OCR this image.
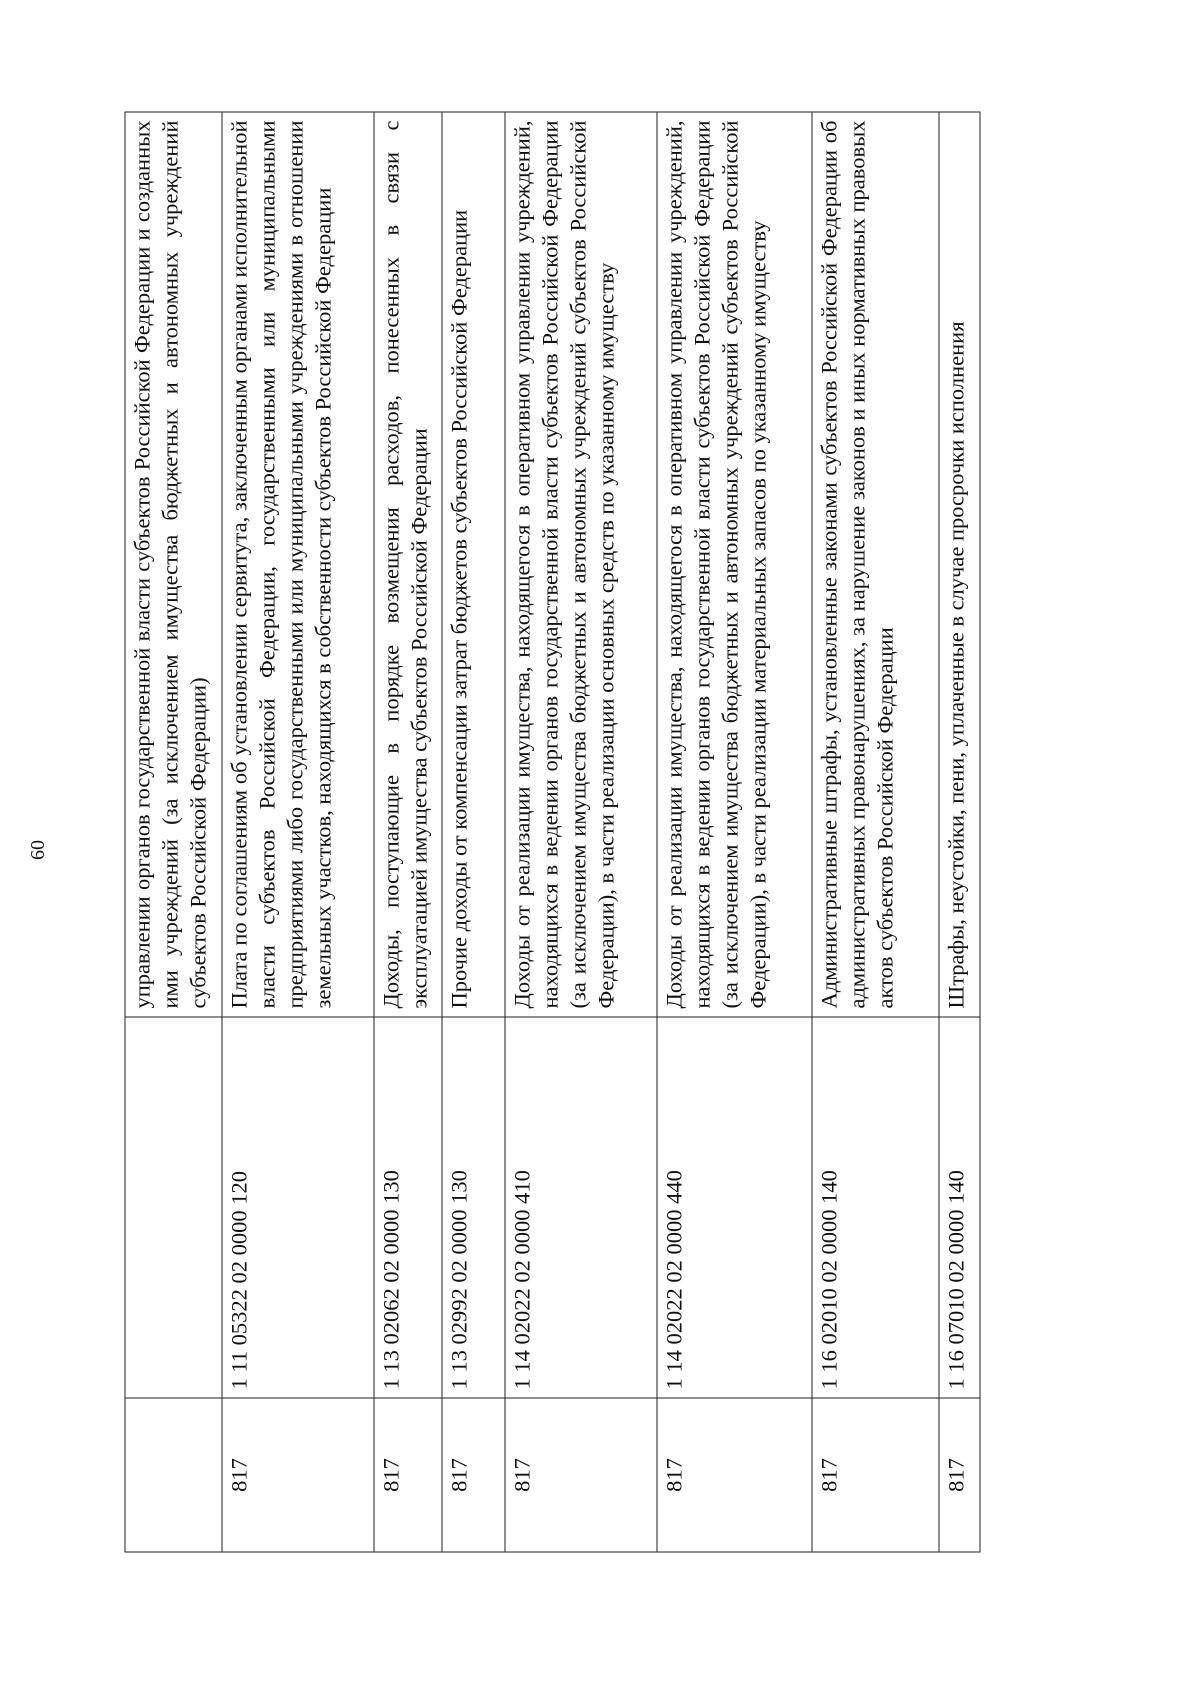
60
			управлении органов государственной власти субъектов Российской Федерации и созданных ими учреждений (за исключением имущества бюджетных и автономных учреждений субъектов Российской Федерации)
817	1 11 05322 02 0000 120	Плата по соглашениям об установлении сервитута, заключенным органами исполнительной власти субъектов Российской Федерации, государственными или муниципальными предприятиями либо государственными или муниципальными учреждениями в отношении земельных участков, находящихся в собственности субъектов Российской Федерации
817	1 13 02062 02 0000 130	Доходы, поступающие в порядке возмещения расходов, понесенных в связи с эксплуатацией имущества субъектов Российской Федерации
817	1 13 02992 02 0000 130	Прочие доходы от компенсации затрат бюджетов субъектов Российской Федерации
817	1 14 02022 02 0000 410	Доходы от реализации имущества, находящегося в оперативном управлении учреждений, находящихся в ведении органов государственной власти субъектов Российской Федерации (за исключением имущества бюджетных и автономных учреждений субъектов Российской Федерации), в части реализации основных средств по указанному имуществу
817	1 14 02022 02 0000 440	Доходы от реализации имущества, находящегося в оперативном управлении учреждений, находящихся в ведении органов государственной власти субъектов Российской Федерации (за исключением имущества бюджетных и автономных учреждений субъектов Российской Федерации), в части реализации материальных запасов по указанному имуществу
817	1 16 02010 02 0000 140	Административные штрафы, установленные законами субъектов Российской Федерации об административных правонарушениях, за нарушение законов и иных нормативных правовых актов субъектов Российской Федерации
817	1 16 07010 02 0000 140	Штрафы, неустойки, пени, уплаченные в случае просрочки исполнения
